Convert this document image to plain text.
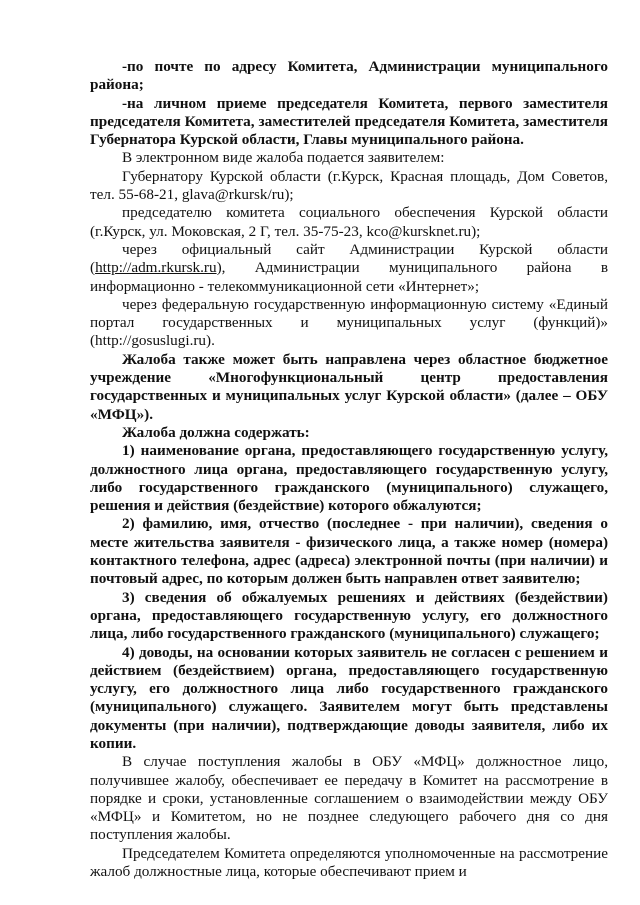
-по почте по адресу Комитета, Администрации муниципального района;

-на личном приеме председателя Комитета, первого заместителя председателя Комитета, заместителей председателя Комитета, заместителя Губернатора Курской области, Главы муниципального района.

В электронном виде жалоба подается заявителем:

Губернатору Курской области (г.Курск, Красная площадь, Дом Советов, тел. 55-68-21, glava@rkursk/ru);

председателю комитета социального обеспечения Курской области (г.Курск, ул. Моковская, 2 Г, тел. 35-75-23, kco@kursknet.ru);

через официальный сайт Администрации Курской области (http://adm.rkursk.ru), Администрации муниципального района в информационно - телекоммуникационной сети «Интернет»;

через федеральную государственную информационную систему «Единый портал государственных и муниципальных услуг (функций)» (http://gosuslugi.ru).

Жалоба также может быть направлена через областное бюджетное учреждение «Многофункциональный центр предоставления государственных и муниципальных услуг Курской области» (далее – ОБУ «МФЦ»).

Жалоба должна содержать:

1) наименование органа, предоставляющего государственную услугу, должностного лица органа, предоставляющего государственную услугу, либо государственного гражданского (муниципального) служащего, решения и действия (бездействие) которого обжалуются;

2) фамилию, имя, отчество (последнее - при наличии), сведения о месте жительства заявителя - физического лица, а также номер (номера) контактного телефона, адрес (адреса) электронной почты (при наличии) и почтовый адрес, по которым должен быть направлен ответ заявителю;

3) сведения об обжалуемых решениях и действиях (бездействии) органа, предоставляющего государственную услугу, его должностного лица, либо государственного гражданского (муниципального) служащего;

4) доводы, на основании которых заявитель не согласен с решением и действием (бездействием) органа, предоставляющего государственную услугу, его должностного лица либо государственного гражданского (муниципального) служащего. Заявителем могут быть представлены документы (при наличии), подтверждающие доводы заявителя, либо их копии.

В случае поступления жалобы в ОБУ «МФЦ» должностное лицо, получившее жалобу, обеспечивает ее передачу в Комитет на рассмотрение в порядке и сроки, установленные соглашением о взаимодействии между ОБУ «МФЦ» и Комитетом, но не позднее следующего рабочего дня со дня поступления жалобы.

Председателем Комитета определяются уполномоченные на рассмотрение жалоб должностные лица, которые обеспечивают прием и
